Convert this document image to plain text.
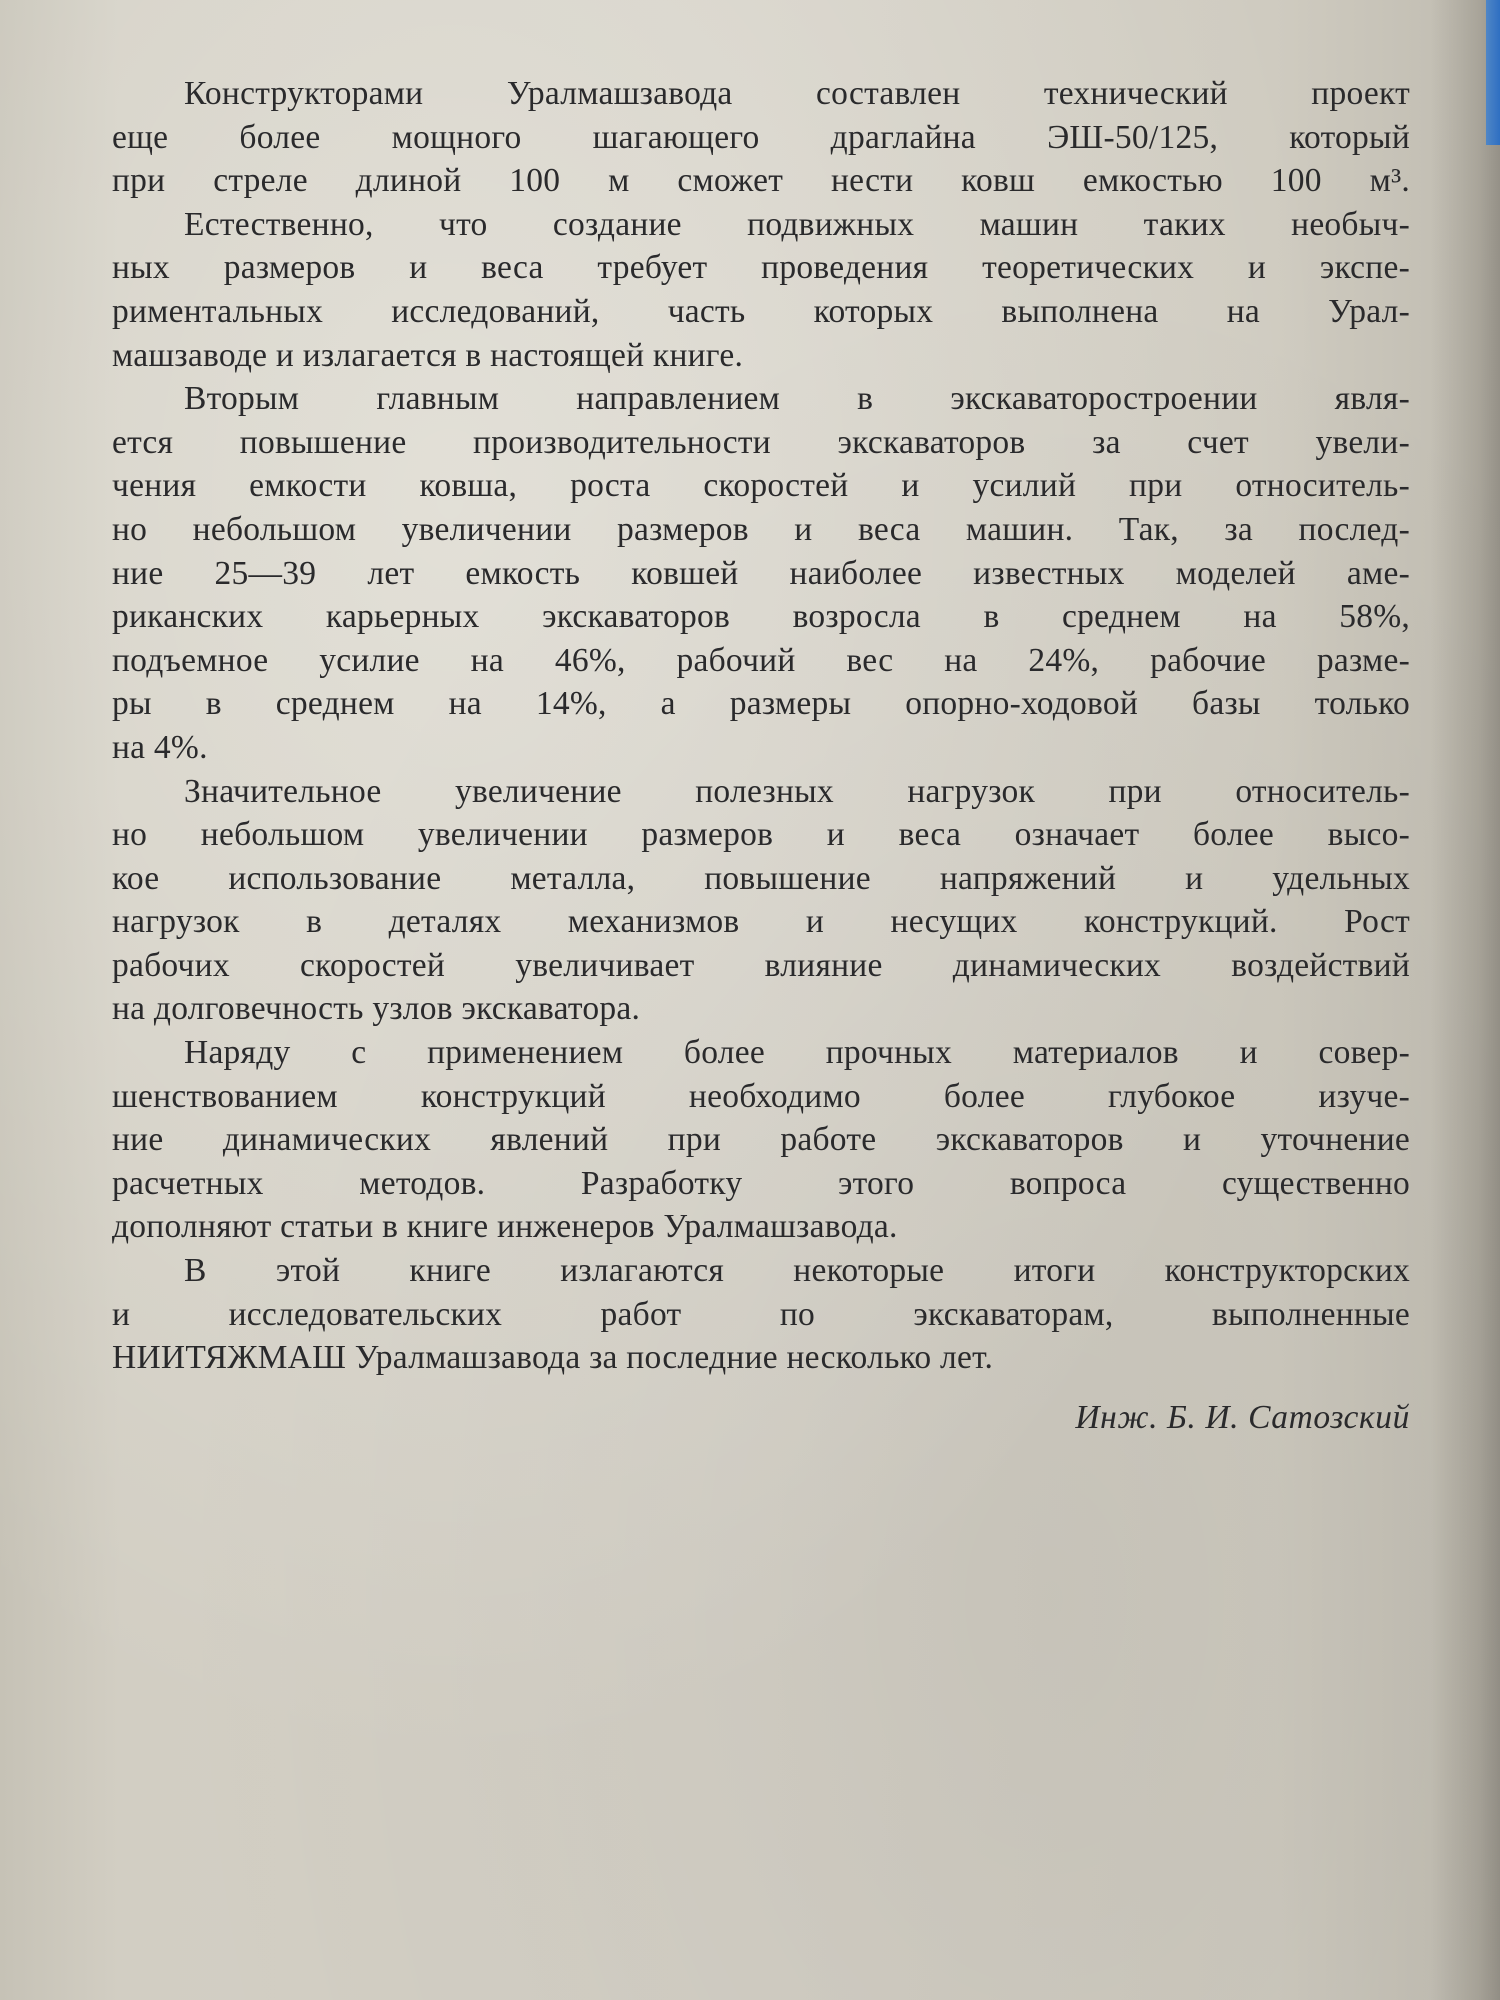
Конструкторами Уралмашзавода составлен технический проект
еще более мощного шагающего драглайна ЭШ-50/125, который
при стреле длиной 100 м сможет нести ковш емкостью 100 м³.

Естественно, что создание подвижных машин таких необыч-
ных размеров и веса требует проведения теоретических и экспе-
риментальных исследований, часть которых выполнена на Урал-
машзаводе и излагается в настоящей книге.

Вторым главным направлением в экскаваторостроении явля-
ется повышение производительности экскаваторов за счет увели-
чения емкости ковша, роста скоростей и усилий при относитель-
но небольшом увеличении размеров и веса машин. Так, за послед-
ние 25—39 лет емкость ковшей наиболее известных моделей аме-
риканских карьерных экскаваторов возросла в среднем на 58%,
подъемное усилие на 46%, рабочий вес на 24%, рабочие разме-
ры в среднем на 14%, а размеры опорно-ходовой базы только
на 4%.

Значительное увеличение полезных нагрузок при относитель-
но небольшом увеличении размеров и веса означает более высо-
кое использование металла, повышение напряжений и удельных
нагрузок в деталях механизмов и несущих конструкций. Рост
рабочих скоростей увеличивает влияние динамических воздействий
на долговечность узлов экскаватора.

Наряду с применением более прочных материалов и совер-
шенствованием конструкций необходимо более глубокое изуче-
ние динамических явлений при работе экскаваторов и уточнение
расчетных методов. Разработку этого вопроса существенно
дополняют статьи в книге инженеров Уралмашзавода.

В этой книге излагаются некоторые итоги конструкторских
и исследовательских работ по экскаваторам, выполненные
НИИТЯЖМАШ Уралмашзавода за последние несколько лет.

Инж. Б. И. Сатозский
